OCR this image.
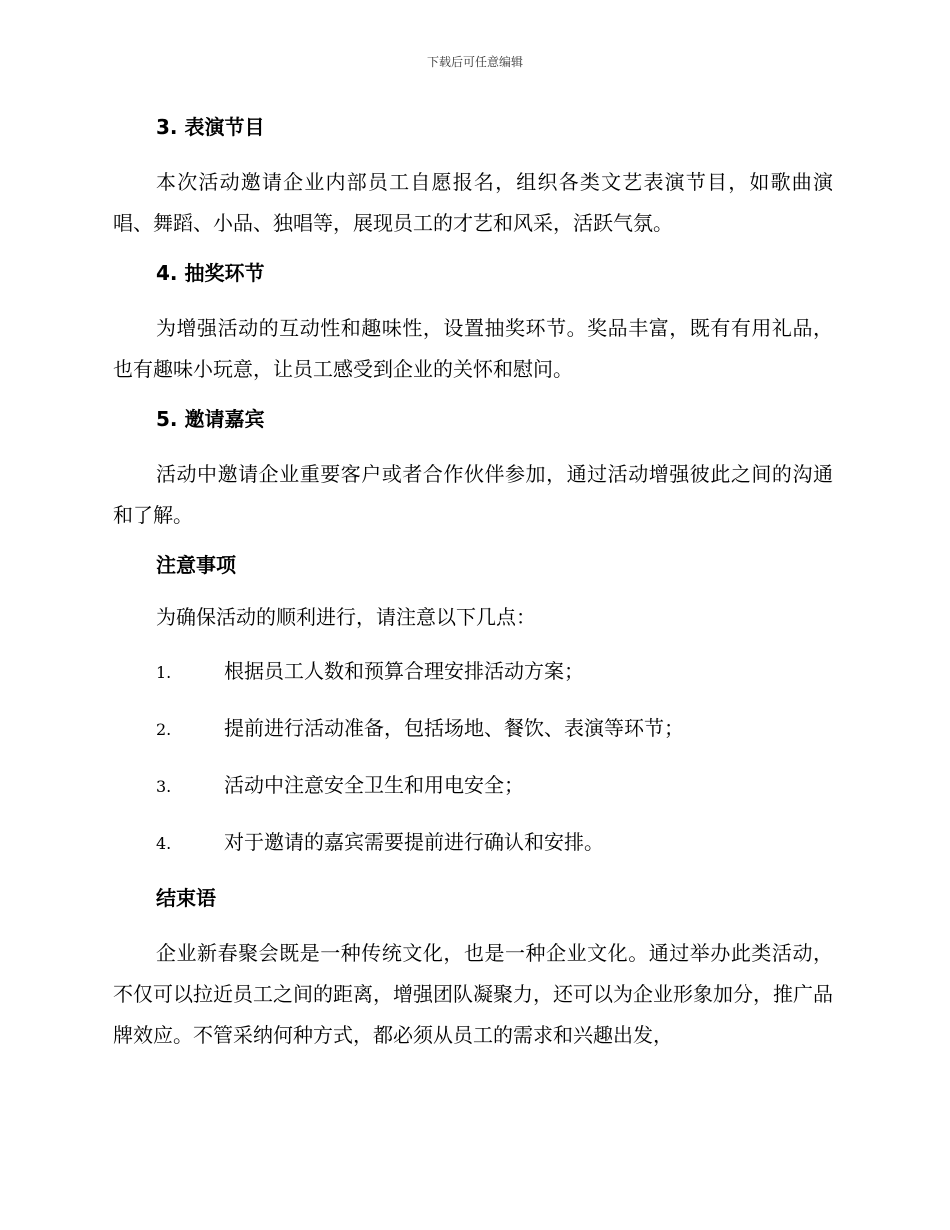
下载后可任意编辑
3. 表演节目

本次活动邀请企业内部员工自愿报名，组织各类文艺表演节目，如歌曲演唱、舞蹈、小品、独唱等，展现员工的才艺和风采，活跃气氛。

4. 抽奖环节

为增强活动的互动性和趣味性，设置抽奖环节。奖品丰富，既有有用礼品，也有趣味小玩意，让员工感受到企业的关怀和慰问。

5. 邀请嘉宾

活动中邀请企业重要客户或者合作伙伴参加，通过活动增强彼此之间的沟通和了解。

注意事项
为确保活动的顺利进行，请注意以下几点：
1.	根据员工人数和预算合理安排活动方案；
2.	提前进行活动准备，包括场地、餐饮、表演等环节；
3.	活动中注意安全卫生和用电安全；
4.	对于邀请的嘉宾需要提前进行确认和安排。
结束语

企业新春聚会既是一种传统文化，也是一种企业文化。通过举办此类活动，不仅可以拉近员工之间的距离，增强团队凝聚力，还可以为企业形象加分，推广品牌效应。不管采纳何种方式，都必须从员工的需求和兴趣出发，
